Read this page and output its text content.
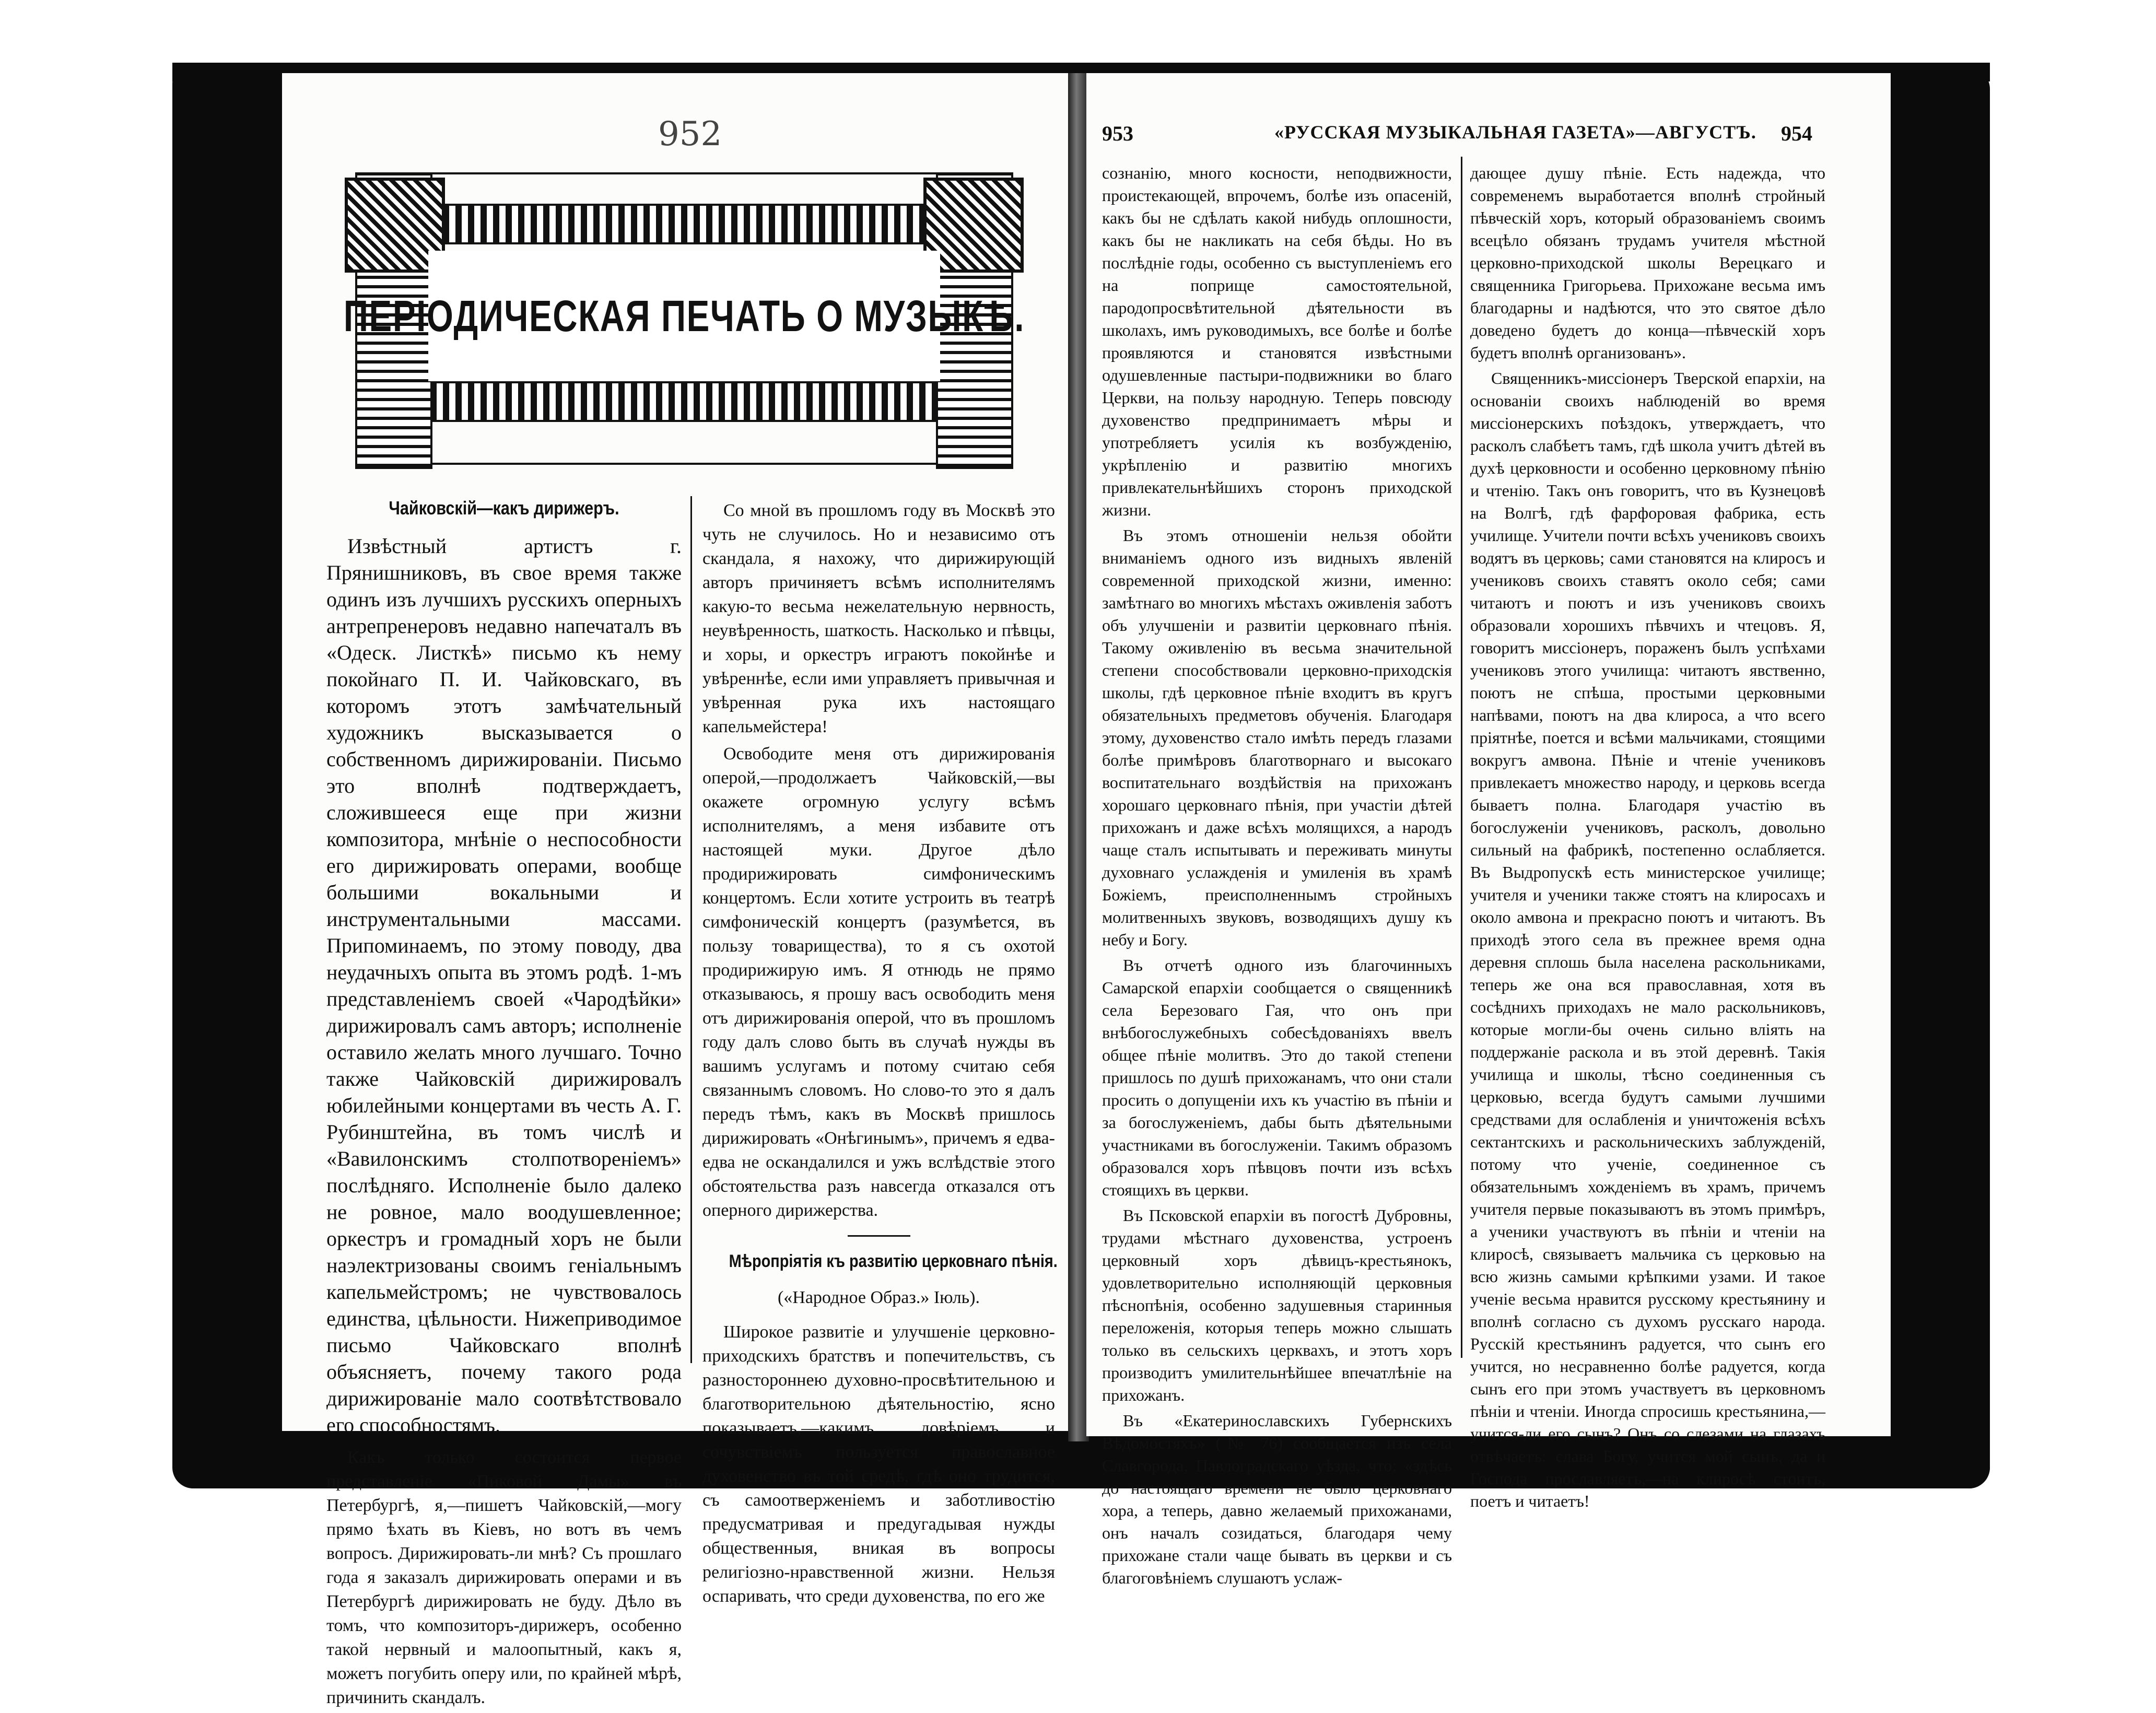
952
ПЕРІОДИЧЕСКАЯ ПЕЧАТЬ О МУЗЫКѢ.
Чайковскій—какъ дирижеръ.

Извѣстный артистъ г. Прянишниковъ, въ свое время также одинъ изъ лучшихъ русскихъ оперныхъ антрепренеровъ недавно напечаталъ въ «Одеск. Листкѣ» письмо къ нему покойнаго П. И. Чайковскаго, въ которомъ этотъ замѣчательный художникъ высказывается о собственномъ дирижированіи. Письмо это вполнѣ подтверждаетъ, сложившееся еще при жизни композитора, мнѣніе о неспособности его дирижировать операми, вообще большими вокальными и инструментальными массами. Припоминаемъ, по этому поводу, два неудачныхъ опыта въ этомъ родѣ. 1-мъ представленіемъ своей «Чародѣйки» дирижировалъ самъ авторъ; исполненіе оставило желать много лучшаго. Точно также Чайковскій дирижировалъ юбилейными концертами въ честь А. Г. Рубинштейна, въ томъ числѣ и «Вавилонскимъ столпотвореніемъ» послѣдняго. Исполненіе было далеко не ровное, мало воодушевленное; оркестръ и громадный хоръ не были наэлектризованы своимъ геніальнымъ капельмейстромъ; не чувствовалось единства, цѣльности. Нижеприводимое письмо Чайковскаго вполнѣ объясняетъ, почему такого рода дирижированіе мало соотвѣтствовало его способностямъ.

Какъ только состоится первое представленіе «Пиковой Дамы» въ Петербургѣ, я,—пишетъ Чайковскій,—могу прямо ѣхать въ Кіевъ, но вотъ въ чемъ вопросъ. Дирижировать-ли мнѣ? Съ прошлаго года я заказалъ дирижировать операми и въ Петербургѣ дирижировать не буду. Дѣло въ томъ, что композиторъ-дирижеръ, особенно такой нервный и малоопытный, какъ я, можетъ погубить оперу или, по крайней мѣрѣ, причинить скандалъ.

Со мной въ прошломъ году въ Москвѣ это чуть не случилось. Но и независимо отъ скандала, я нахожу, что дирижирующій авторъ причиняетъ всѣмъ исполнителямъ какую-то весьма нежелательную нервность, неувѣренность, шаткость. Насколько и пѣвцы, и хоры, и оркестръ играютъ покойнѣе и увѣреннѣе, если ими управляетъ привычная и увѣренная рука ихъ настоящаго капельмейстера!

Освободите меня отъ дирижированія оперой,—продолжаетъ Чайковскій,—вы окажете огромную услугу всѣмъ исполнителямъ, а меня избавите отъ настоящей муки. Другое дѣло продирижировать симфоническимъ концертомъ. Если хотите устроить въ театрѣ симфоническій концертъ (разумѣется, въ пользу товарищества), то я съ охотой продирижирую имъ. Я отнюдь не прямо отказываюсь, я прошу васъ освободить меня отъ дирижированія оперой, что въ прошломъ году далъ слово быть въ случаѣ нужды въ вашимъ услугамъ и потому считаю себя связаннымъ словомъ. Но слово-то это я далъ передъ тѣмъ, какъ въ Москвѣ пришлось дирижировать «Онѣгинымъ», причемъ я едва-едва не оскандалился и ужъ вслѣдствіе этого обстоятельства разъ навсегда отказался отъ оперного дирижерства.

Мѣропріятія къ развитію церковнаго пѣнія.
(«Народное Образ.» Іюль).

Широкое развитіе и улучшеніе церковно-приходскихъ братствъ и попечительствъ, съ разностороннею духовно-просвѣтительною и благотворительною дѣятельностію, ясно показываетъ,—какимъ довѣріемъ и сочувствіемъ пользуется православное духовенство въ той средѣ, гдѣ оно трудится, съ самоотверженіемъ и заботливостію предусматривая и предугадывая нужды общественныя, вникая въ вопросы религіозно-нравственной жизни. Нельзя оспаривать, что среди духовенства, по его же

953	«РУССКАЯ МУЗЫКАЛЬНАЯ ГАЗЕТА»—АВГУСТЪ. 954

сознанію, много косности, неподвижности, проистекающей, впрочемъ, болѣе изъ опасеній, какъ бы не сдѣлать какой нибудь оплошности, какъ бы не накликать на себя бѣды. Но въ послѣдніе годы, особенно съ выступленіемъ его на поприще самостоятельной, пародопросвѣтительной дѣятельности въ школахъ, имъ руководимыхъ, все болѣе и болѣе проявляются и становятся извѣстными одушевленные пастыри-подвижники во благо Церкви, на пользу народную. Теперь повсюду духовенство предпринимаетъ мѣры и употребляетъ усилія къ возбужденію, укрѣпленію и развитію многихъ привлекательнѣйшихъ сторонъ приходской жизни.

Въ этомъ отношеніи нельзя обойти вниманіемъ одного изъ видныхъ явленій современной приходской жизни, именно: замѣтнаго во многихъ мѣстахъ оживленія заботъ объ улучшеніи и развитіи церковнаго пѣнія. Такому оживленію въ весьма значительной степени способствовали церковно-приходскія школы, гдѣ церковное пѣніе входитъ въ кругъ обязательныхъ предметовъ обученія. Благодаря этому, духовенство стало имѣть передъ глазами болѣе примѣровъ благотворнаго и высокаго воспитательнаго воздѣйствія на прихожанъ хорошаго церковнаго пѣнія, при участіи дѣтей прихожанъ и даже всѣхъ молящихся, а народъ чаще сталъ испытывать и переживать минуты духовнаго услажденія и умиленія въ храмѣ Божіемъ, преисполненнымъ стройныхъ молитвенныхъ звуковъ, возводящихъ душу къ небу и Богу.

Въ отчетѣ одного изъ благочинныхъ Самарской епархіи сообщается о священникѣ села Березоваго Гая, что онъ при внѣбогослужебныхъ собесѣдованіяхъ ввелъ общее пѣніе молитвъ. Это до такой степени пришлось по душѣ прихожанамъ, что они стали просить о допущеніи ихъ къ участію въ пѣніи и за богослуженіемъ, дабы быть дѣятельными участниками въ богослуженіи. Такимъ образомъ образовался хоръ пѣвцовъ почти изъ всѣхъ стоящихъ въ церкви.

Въ Псковской епархіи въ погостѣ Дубровны, трудами мѣстнаго духовенства, устроенъ церковный хоръ дѣвицъ-крестьянокъ, удовлетворительно исполняющій церковныя пѣснопѣнія, особенно задушевныя старинныя переложенія, которыя теперь можно слышать только въ сельскихъ церквахъ, и этотъ хоръ производитъ умилительнѣйшее впечатлѣніе на прихожанъ.

Въ «Екатеринославскихъ Губернскихъ Вѣдомостяхъ» (№ 76) сообщается изъ села Славгорода, Павлоградскаго уѣзда, что: «здѣсь до настоящаго времени не было церковнаго хора, а теперь, давно желаемый прихожанами, онъ началъ созидаться, благодаря чему прихожане стали чаще бывать въ церкви и съ благоговѣніемъ слушаютъ услаж-

дающее душу пѣніе. Есть надежда, что современемъ выработается вполнѣ стройный пѣвческій хоръ, который образованіемъ своимъ всецѣло обязанъ трудамъ учителя мѣстной церковно-приходской школы Верецкаго и священника Григорьева. Прихожане весьма имъ благодарны и надѣются, что это святое дѣло доведено будетъ до конца—пѣвческій хоръ будетъ вполнѣ организованъ».

Священникъ-миссіонеръ Тверской епархіи, на основаніи своихъ наблюденій во время миссіонерскихъ поѣздокъ, утверждаетъ, что расколъ слабѣетъ тамъ, гдѣ школа учитъ дѣтей въ духѣ церковности и особенно церковному пѣнію и чтенію. Такъ онъ говоритъ, что въ Кузнецовѣ на Волгѣ, гдѣ фарфоровая фабрика, есть училище. Учители почти всѣхъ учениковъ своихъ водятъ въ церковь; сами становятся на клиросъ и учениковъ своихъ ставятъ около себя; сами читаютъ и поютъ и изъ учениковъ своихъ образовали хорошихъ пѣвчихъ и чтецовъ. Я, говоритъ миссіонеръ, пораженъ былъ успѣхами учениковъ этого училища: читаютъ явственно, поютъ не спѣша, простыми церковными напѣвами, поютъ на два клироса, а что всего пріятнѣе, поется и всѣми мальчиками, стоящими вокругъ амвона. Пѣніе и чтеніе учениковъ привлекаетъ множество народу, и церковь всегда бываетъ полна. Благодаря участію въ богослуженіи учениковъ, расколъ, довольно сильный на фабрикѣ, постепенно ослабляется. Въ Выдропускѣ есть министерское училище; учителя и ученики также стоятъ на клиросахъ и около амвона и прекрасно поютъ и читаютъ. Въ приходѣ этого села въ прежнее время одна деревня сплошь была населена раскольниками, теперь же она вся православная, хотя въ сосѣднихъ приходахъ не мало раскольниковъ, которые могли-бы очень сильно вліять на поддержаніе раскола и въ этой деревнѣ. Такія училища и школы, тѣсно соединенныя съ церковью, всегда будутъ самыми лучшими средствами для ослабленія и уничтоженія всѣхъ сектантскихъ и раскольническихъ заблужденій, потому что ученіе, соединенное съ обязательнымъ хожденіемъ въ храмъ, причемъ учителя первые показываютъ въ этомъ примѣръ, а ученики участвуютъ въ пѣніи и чтеніи на клиросѣ, связываетъ мальчика съ церковью на всю жизнь самыми крѣпкими узами. И такое ученіе весьма нравится русскому крестьянину и вполнѣ согласно съ духомъ русскаго народа. Русскій крестьянинъ радуется, что сынъ его учится, но несравненно болѣе радуется, когда сынъ его при этомъ участвуетъ въ церковномъ пѣніи и чтеніи. Иногда спросишь крестьянина,—учится-ли его сынъ? Онъ со слезами на глазахъ отвѣчаетъ: слава Богу, учится мой сынъ, да и Господа прославляетъ,—на клиросѣ стоитъ, поетъ и читаетъ!
